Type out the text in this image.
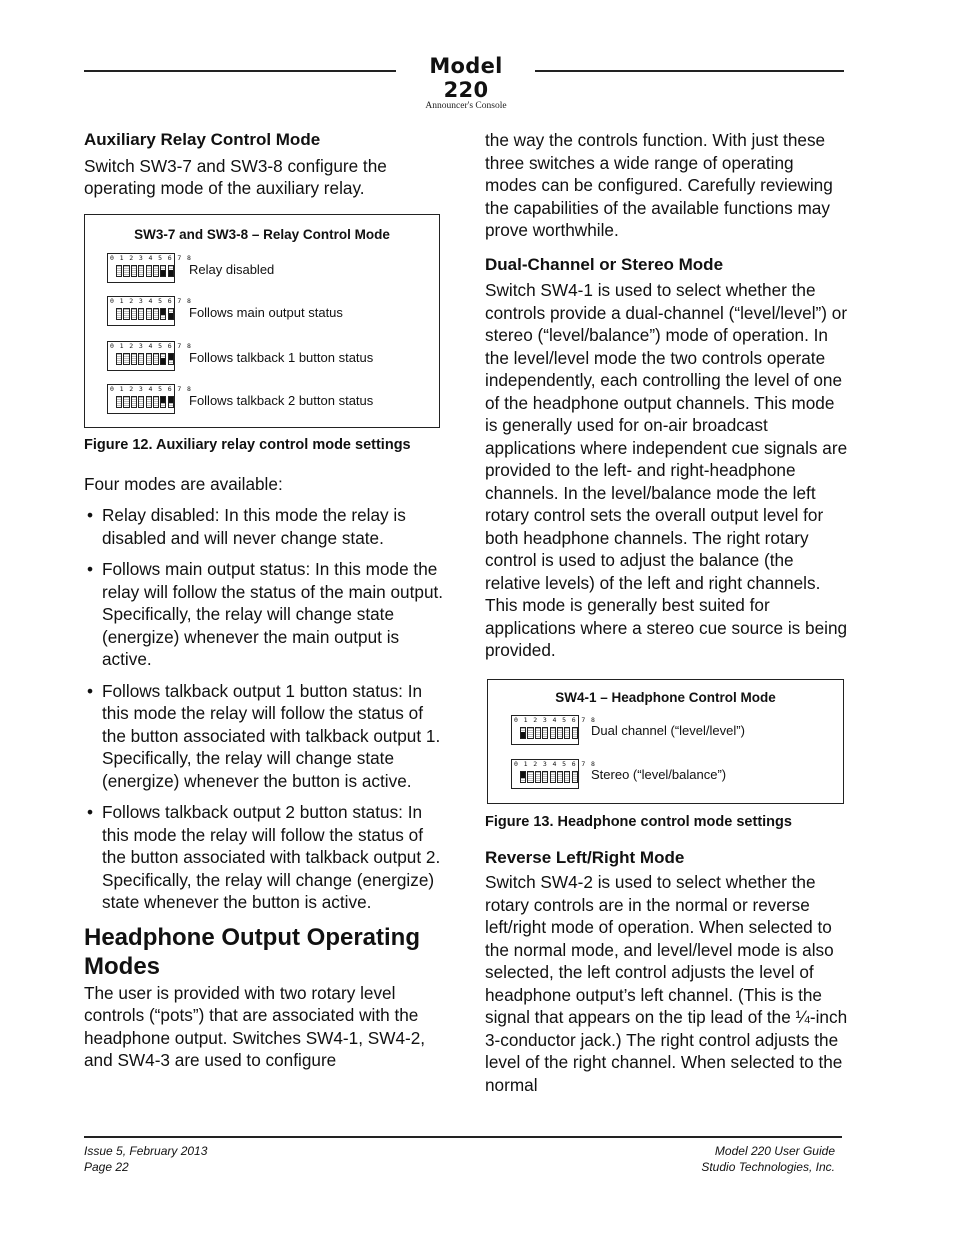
Model 220
Announcer's Console
Auxiliary Relay Control Mode

Switch SW3-7 and SW3-8 configure the operating mode of the auxiliary relay.

SW3-7 and SW3-8 – Relay Control Mode
0 1 2 3 4 5 6 7 8
Relay disabled
0 1 2 3 4 5 6 7 8
Follows main output status
0 1 2 3 4 5 6 7 8
Follows talkback 1 button status
0 1 2 3 4 5 6 7 8
Follows talkback 2 button status
Figure 12. Auxiliary relay control mode settings

Four modes are available:

• Relay disabled: In this mode the relay is disabled and will never change state.
• Follows main output status: In this mode the relay will follow the status of the main output. Specifically, the relay will change state (energize) whenever the main output is active.
• Follows talkback output 1 button status: In this mode the relay will follow the status of the button associated with talkback output 1. Specifically, the relay will change state (energize) whenever the button is active.
• Follows talkback output 2 button status: In this mode the relay will follow the status of the button associated with talkback output 2. Specifically, the relay will change (energize) state whenever the button is active.
Headphone Output Operating Modes

The user is provided with two rotary level controls (“pots”) that are associated with the headphone output. Switches SW4-1, SW4-2, and SW4-3 are used to configure

the way the controls function. With just these three switches a wide range of operating modes can be configured. Carefully reviewing the capabilities of the available functions may prove worthwhile.

Dual-Channel or Stereo Mode

Switch SW4-1 is used to select whether the controls provide a dual-channel (“level/level”) or stereo (“level/balance”) mode of operation. In the level/level mode the two controls operate independently, each controlling the level of one of the headphone output channels. This mode is generally used for on-air broadcast applications where independent cue signals are provided to the left- and right-headphone channels. In the level/balance mode the left rotary control sets the overall output level for both headphone channels. The right rotary control is used to adjust the balance (the relative levels) of the left and right channels. This mode is generally best suited for applications where a stereo cue source is being provided.

SW4-1 – Headphone Control Mode
0 1 2 3 4 5 6 7 8
Dual channel (“level/level”)
0 1 2 3 4 5 6 7 8
Stereo (“level/balance”)
Figure 13. Headphone control mode settings
Reverse Left/Right Mode

Switch SW4-2 is used to select whether the rotary controls are in the normal or reverse left/right mode of operation. When selected to the normal mode, and level/level mode is also selected, the left control adjusts the level of headphone output’s left channel. (This is the signal that appears on the tip lead of the ¼-inch 3-conductor jack.) The right control adjusts the level of the right channel. When selected to the normal

Issue 5, February 2013
Page 22
Model 220 User Guide
Studio Technologies, Inc.
